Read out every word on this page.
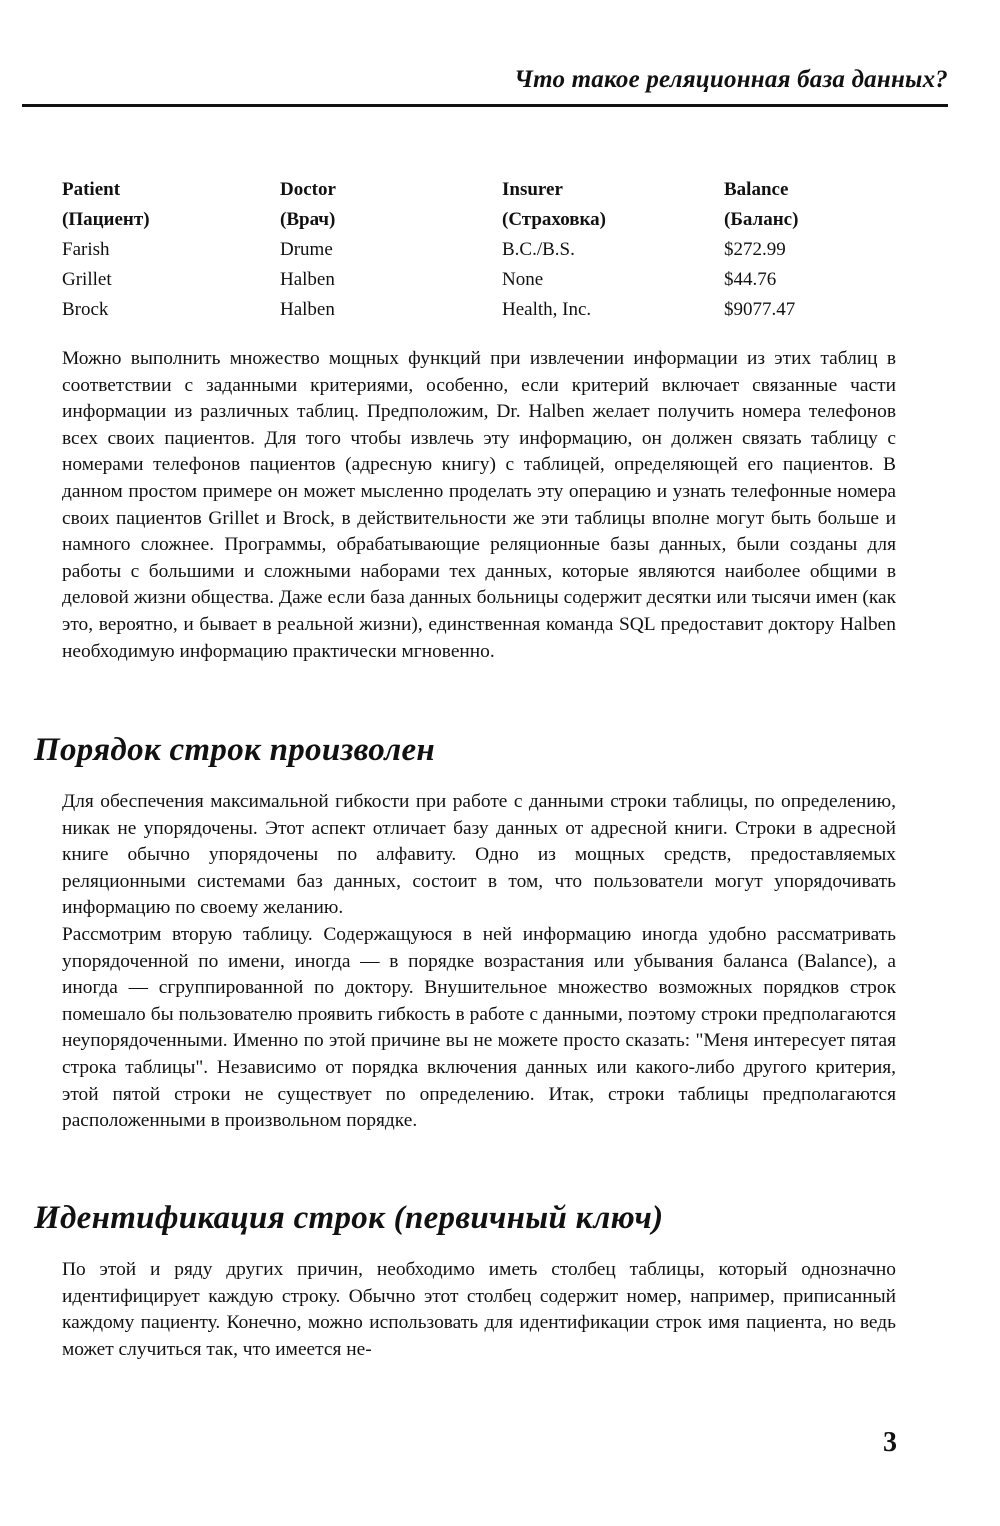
Что такое реляционная база данных?
Patient	Doctor	Insurer	Balance
(Пациент)	(Врач)	(Страховка)	(Баланс)
Farish	Drume	B.C./B.S.	$272.99
Grillet	Halben	None	$44.76
Brock	Halben	Health, Inc.	$9077.47

Можно выполнить множество мощных функций при извлечении информации из этих таблиц в соответствии с заданными критериями, особенно, если критерий включает связанные части информации из различных таблиц. Предположим, Dr. Halben желает получить номера телефонов всех своих пациентов. Для того чтобы извлечь эту информацию, он должен связать таблицу с номерами телефонов пациентов (адресную книгу) с таблицей, определяющей его пациентов. В данном простом примере он может мысленно проделать эту операцию и узнать телефонные номера своих пациентов Grillet и Brock, в действительности же эти таблицы вполне могут быть больше и намного сложнее. Программы, обрабатывающие реляционные базы данных, были созданы для работы с большими и сложными наборами тех данных, которые являются наиболее общими в деловой жизни общества. Даже если база данных больницы содержит десятки или тысячи имен (как это, вероятно, и бывает в реальной жизни), единственная команда SQL предоставит доктору Halben необходимую информацию практически мгновенно.

Порядок строк произволен

Для обеспечения максимальной гибкости при работе с данными строки таблицы, по определению, никак не упорядочены. Этот аспект отличает базу данных от адресной книги. Строки в адресной книге обычно упорядочены по алфавиту. Одно из мощных средств, предоставляемых реляционными системами баз данных, состоит в том, что пользователи могут упорядочивать информацию по своему желанию.

Рассмотрим вторую таблицу. Содержащуюся в ней информацию иногда удобно рассматривать упорядоченной по имени, иногда — в порядке возрастания или убывания баланса (Balance), а иногда — сгруппированной по доктору. Внушительное множество возможных порядков строк помешало бы пользователю проявить гибкость в работе с данными, поэтому строки предполагаются неупорядоченными. Именно по этой причине вы не можете просто сказать: "Меня интересует пятая строка таблицы". Независимо от порядка включения данных или какого-либо другого критерия, этой пятой строки не существует по определению. Итак, строки таблицы предполагаются расположенными в произвольном порядке.

Идентификация строк (первичный ключ)

По этой и ряду других причин, необходимо иметь столбец таблицы, который однозначно идентифицирует каждую строку. Обычно этот столбец содержит номер, например, приписанный каждому пациенту. Конечно, можно использовать для идентификации строк имя пациента, но ведь может случиться так, что имеется не-

3
